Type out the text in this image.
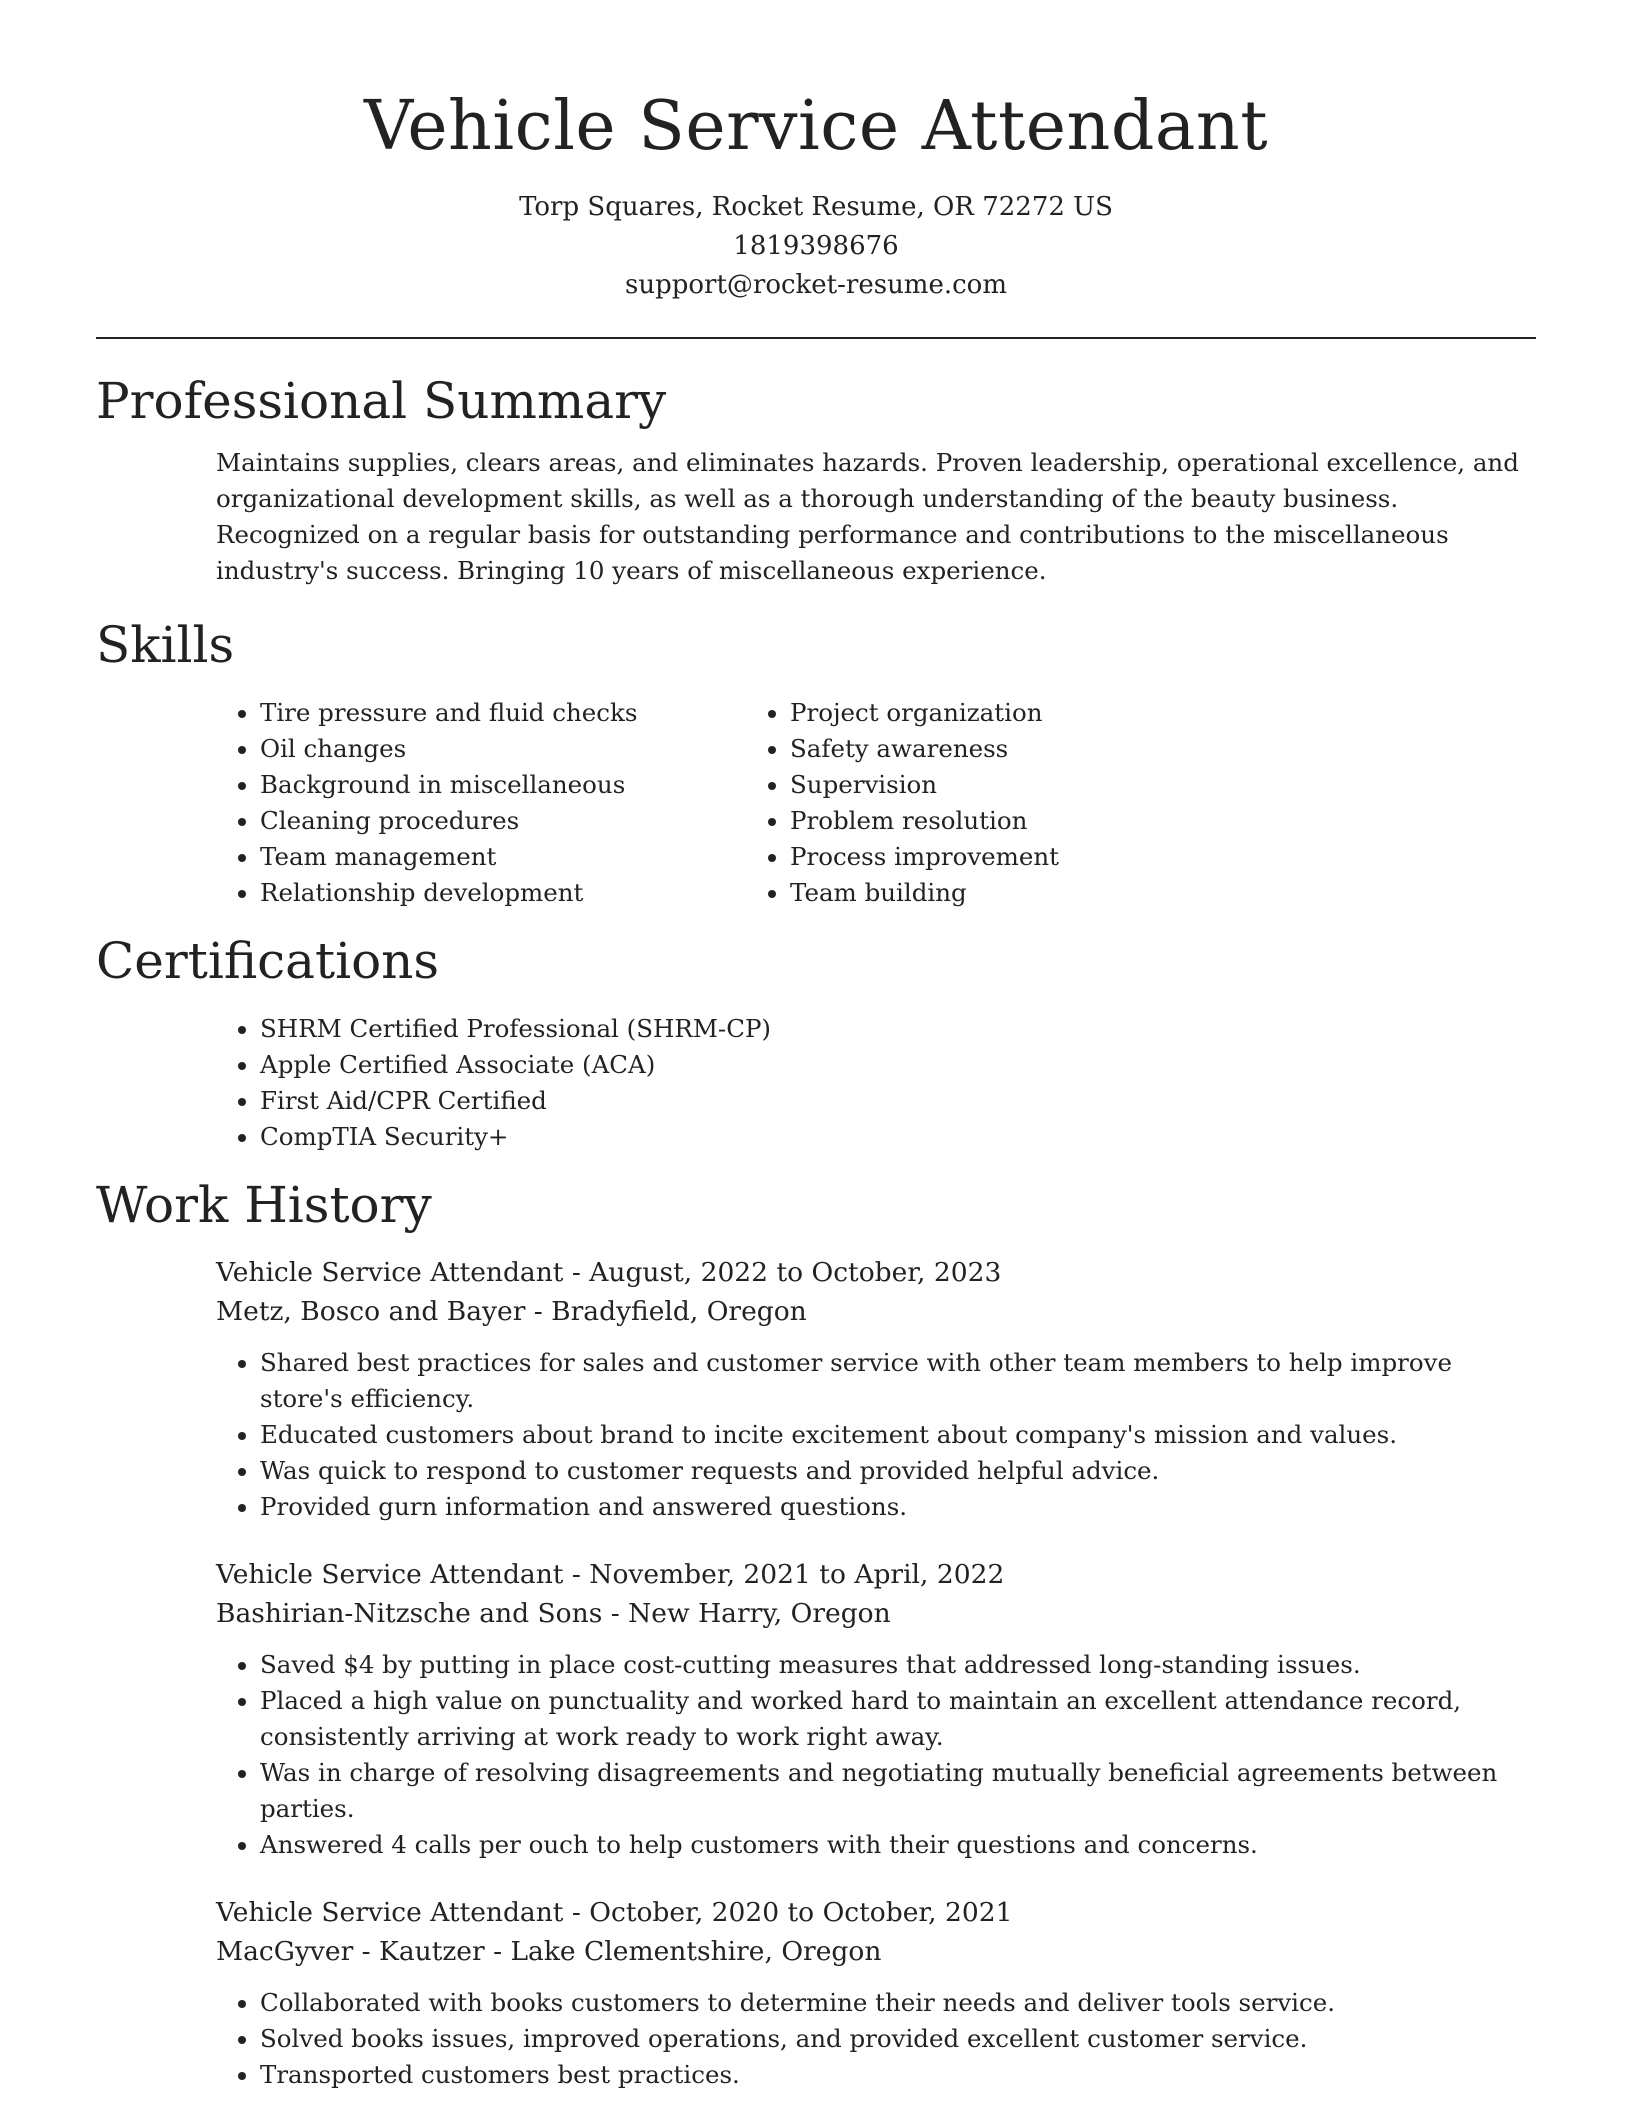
Vehicle Service Attendant
Torp Squares, Rocket Resume, OR 72272 US
1819398676
support@rocket-resume.com
Professional Summary

Maintains supplies, clears areas, and eliminates hazards. Proven leadership, operational excellence, and organizational development skills, as well as a thorough understanding of the beauty business. Recognized on a regular basis for outstanding performance and contributions to the miscellaneous industry's success. Bringing 10 years of miscellaneous experience.

Skills
• Tire pressure and fluid checks
• Oil changes
• Background in miscellaneous
• Cleaning procedures
• Team management
• Relationship development
• Project organization
• Safety awareness
• Supervision
• Problem resolution
• Process improvement
• Team building
Certifications
• SHRM Certified Professional (SHRM-CP)
• Apple Certified Associate (ACA)
• First Aid/CPR Certified
• CompTIA Security+
Work History
Vehicle Service Attendant - August, 2022 to October, 2023
Metz, Bosco and Bayer - Bradyfield, Oregon
• Shared best practices for sales and customer service with other team members to help improve store's efficiency.
• Educated customers about brand to incite excitement about company's mission and values.
• Was quick to respond to customer requests and provided helpful advice.
• Provided gurn information and answered questions.
Vehicle Service Attendant - November, 2021 to April, 2022
Bashirian-Nitzsche and Sons - New Harry, Oregon
• Saved $4 by putting in place cost-cutting measures that addressed long-standing issues.
• Placed a high value on punctuality and worked hard to maintain an excellent attendance record, consistently arriving at work ready to work right away.
• Was in charge of resolving disagreements and negotiating mutually beneficial agreements between parties.
• Answered 4 calls per ouch to help customers with their questions and concerns.
Vehicle Service Attendant - October, 2020 to October, 2021
MacGyver - Kautzer - Lake Clementshire, Oregon
• Collaborated with books customers to determine their needs and deliver tools service.
• Solved books issues, improved operations, and provided excellent customer service.
• Transported customers best practices.
